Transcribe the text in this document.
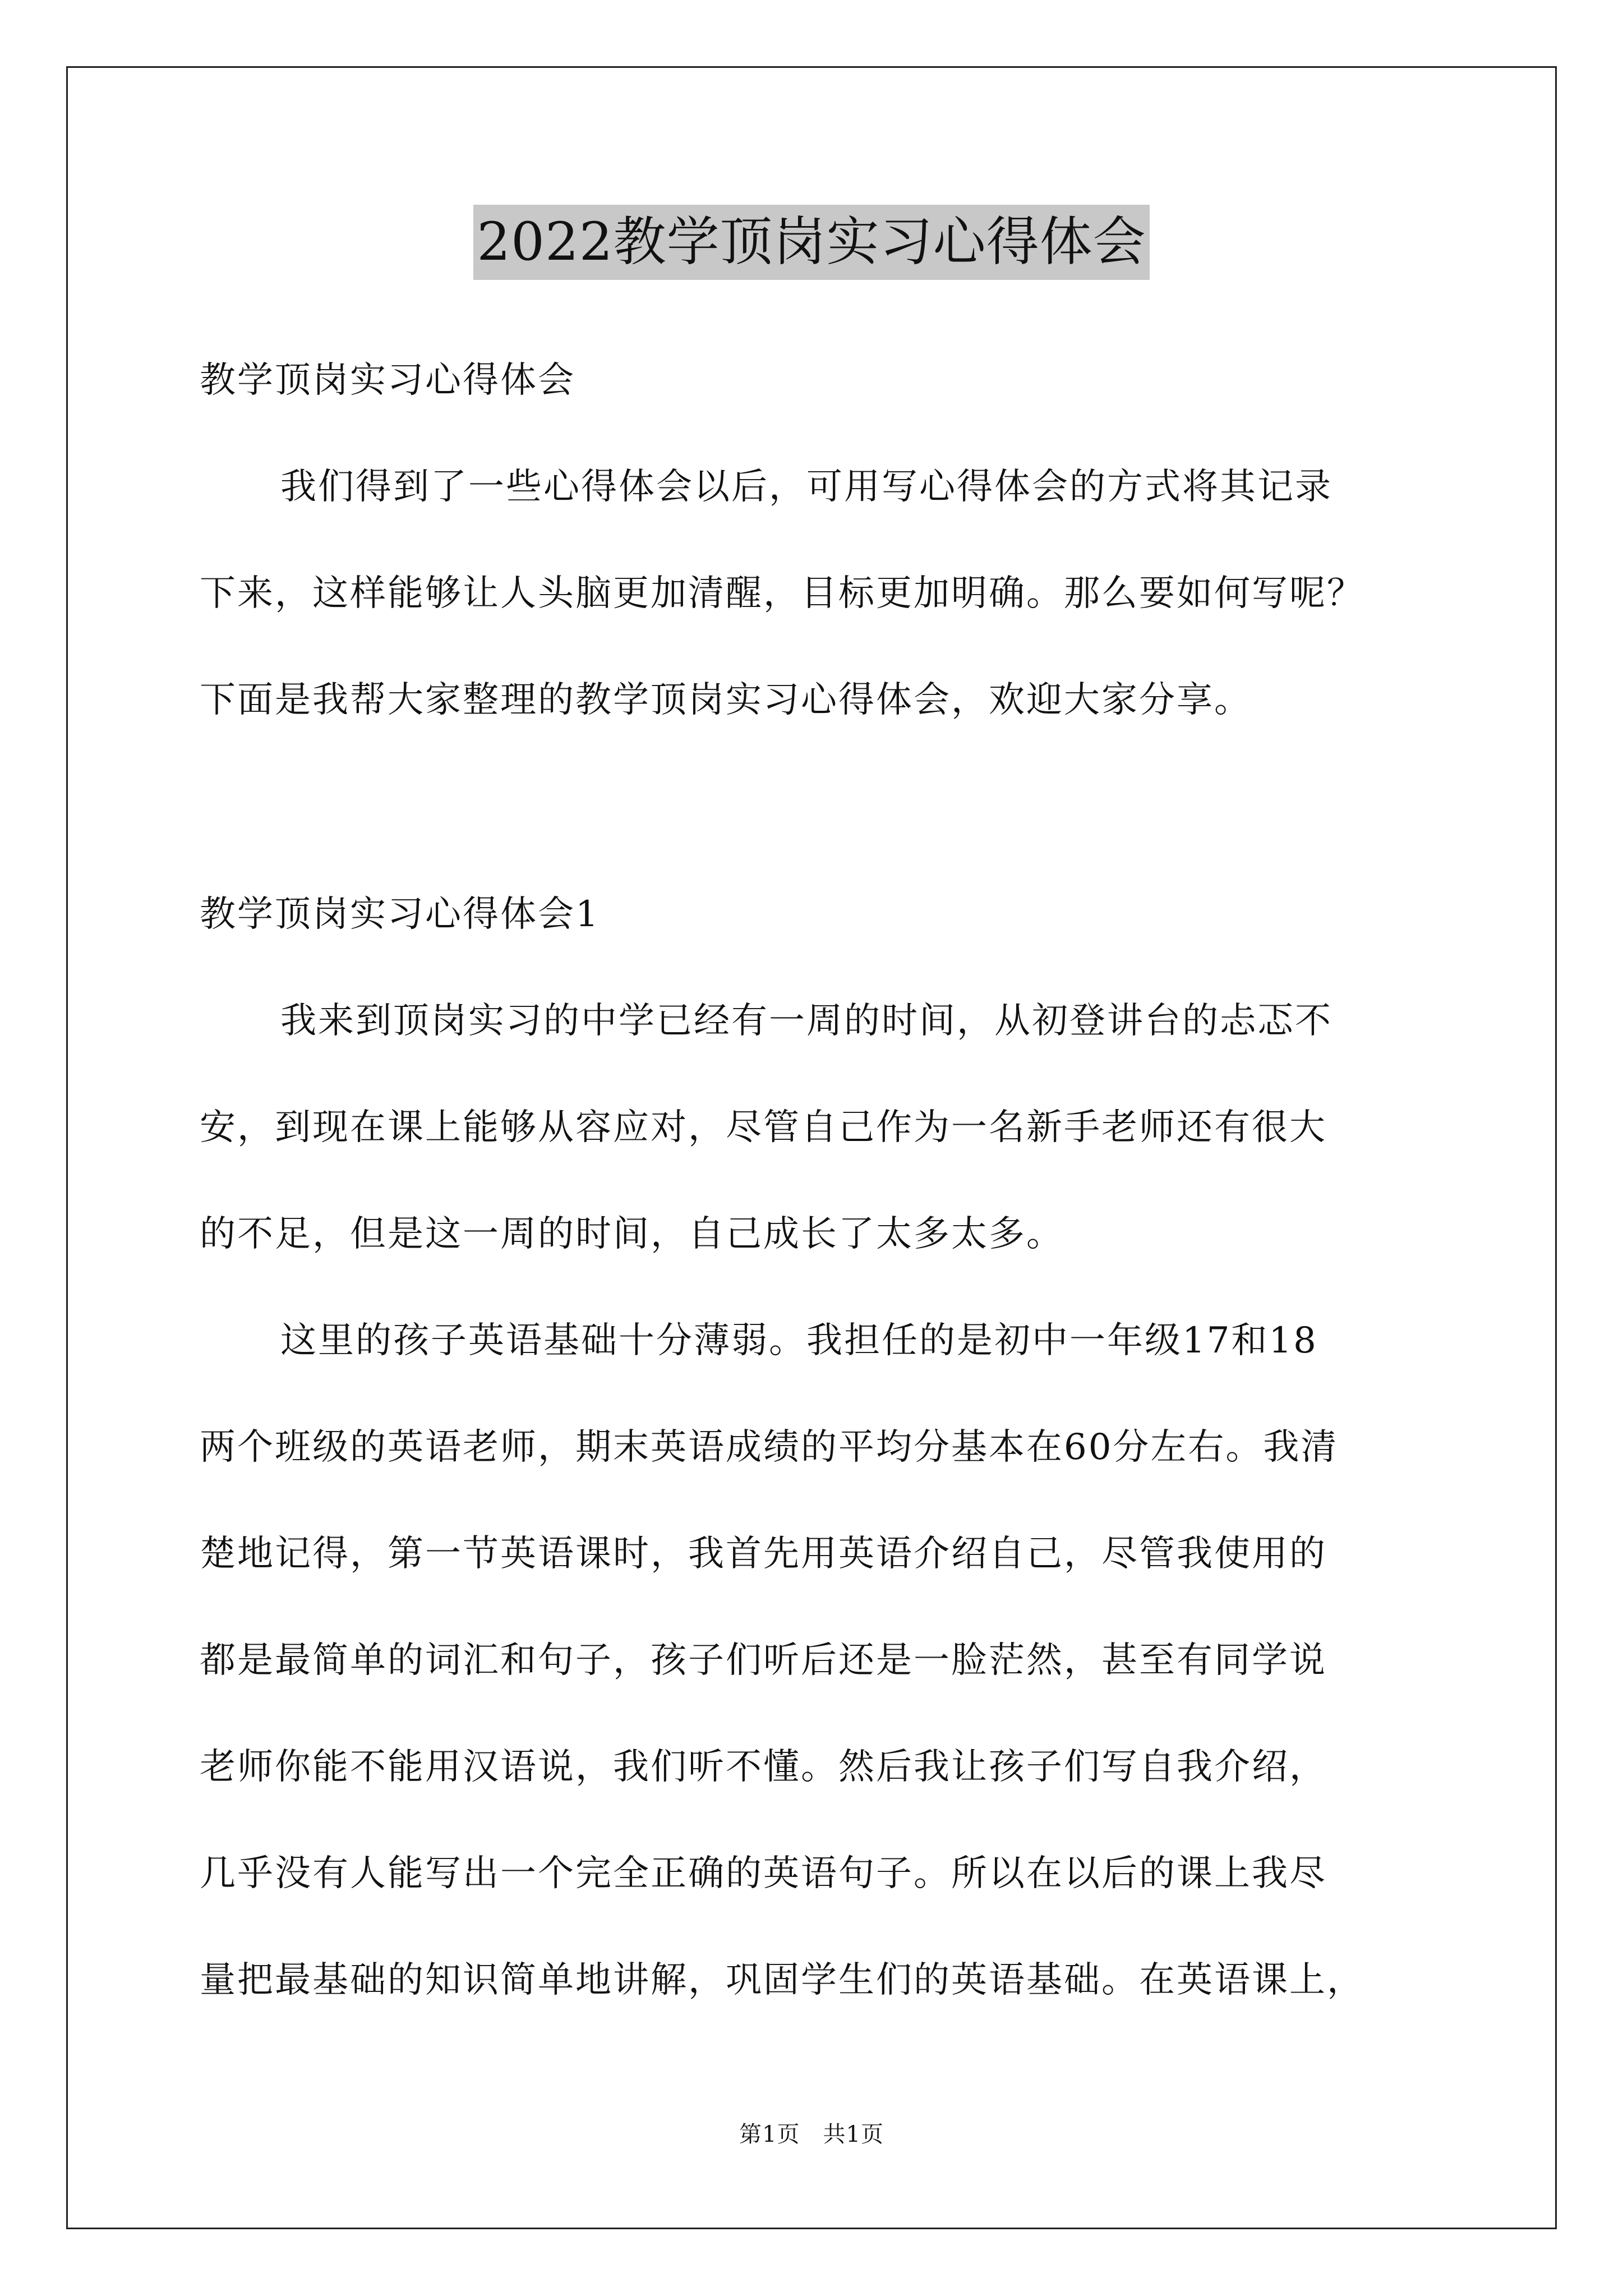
2022教学顶岗实习心得体会
教学顶岗实习心得体会
我们得到了一些心得体会以后，可用写心得体会的方式将其记录
下来，这样能够让人头脑更加清醒，目标更加明确。那么要如何写呢？
下面是我帮大家整理的教学顶岗实习心得体会，欢迎大家分享。
教学顶岗实习心得体会1
我来到顶岗实习的中学已经有一周的时间，从初登讲台的忐忑不
安，到现在课上能够从容应对，尽管自己作为一名新手老师还有很大
的不足，但是这一周的时间，自己成长了太多太多。
这里的孩子英语基础十分薄弱。我担任的是初中一年级17和18
两个班级的英语老师，期末英语成绩的平均分基本在60分左右。我清
楚地记得，第一节英语课时，我首先用英语介绍自己，尽管我使用的
都是最简单的词汇和句子，孩子们听后还是一脸茫然，甚至有同学说
老师你能不能用汉语说，我们听不懂。然后我让孩子们写自我介绍，
几乎没有人能写出一个完全正确的英语句子。所以在以后的课上我尽
量把最基础的知识简单地讲解，巩固学生们的英语基础。在英语课上，
第1页　共1页
